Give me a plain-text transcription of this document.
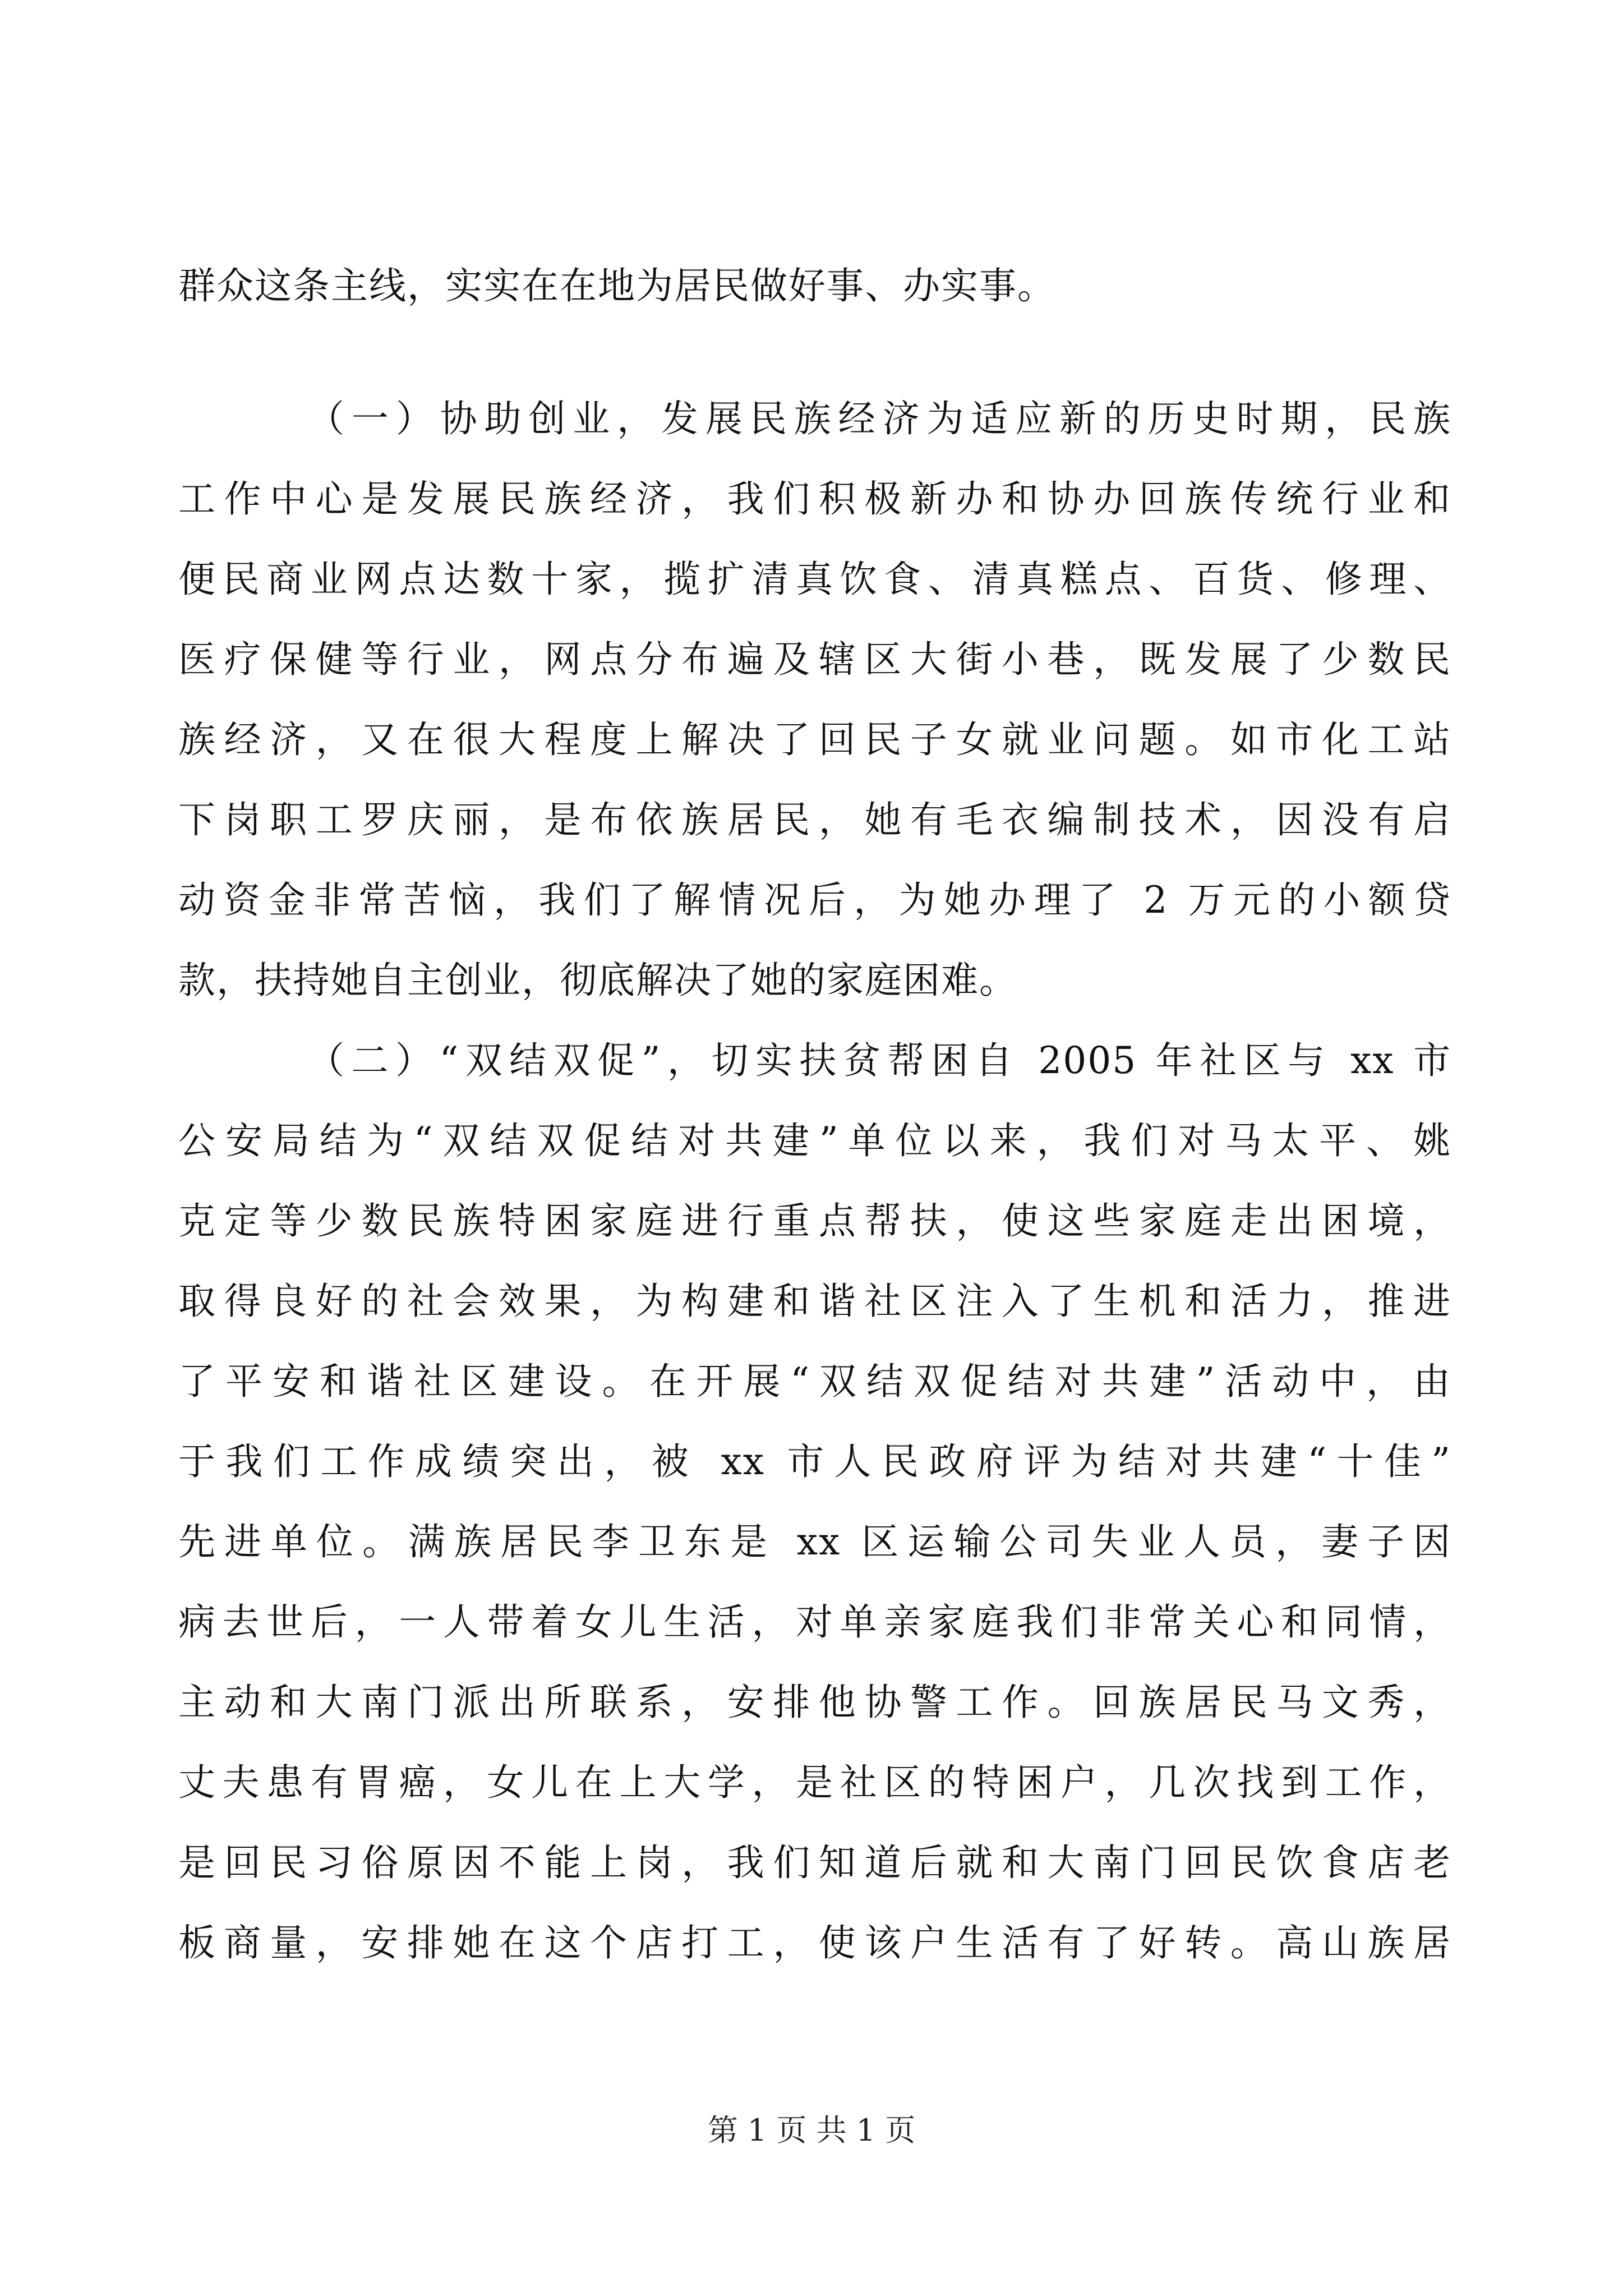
群众这条主线，实实在在地为居民做好事、办实事。
（一）协助创业，发展民族经济为适应新的历史时期，民族
工作中心是发展民族经济，我们积极新办和协办回族传统行业和
便民商业网点达数十家，揽扩清真饮食、清真糕点、百货、修理、
医疗保健等行业，网点分布遍及辖区大街小巷，既发展了少数民
族经济，又在很大程度上解决了回民子女就业问题。如市化工站
下岗职工罗庆丽，是布依族居民，她有毛衣编制技术，因没有启
动资金非常苦恼，我们了解情况后，为她办理了 2 万元的小额贷
款，扶持她自主创业，彻底解决了她的家庭困难。
（二）“双结双促”，切实扶贫帮困自 2005 年社区与 xx 市
公安局结为“双结双促结对共建”单位以来，我们对马太平、姚
克定等少数民族特困家庭进行重点帮扶，使这些家庭走出困境，
取得良好的社会效果，为构建和谐社区注入了生机和活力，推进
了平安和谐社区建设。在开展“双结双促结对共建”活动中，由
于我们工作成绩突出，被 xx 市人民政府评为结对共建“十佳”
先进单位。满族居民李卫东是 xx 区运输公司失业人员，妻子因
病去世后，一人带着女儿生活，对单亲家庭我们非常关心和同情，
主动和大南门派出所联系，安排他协警工作。回族居民马文秀，
丈夫患有胃癌，女儿在上大学，是社区的特困户，几次找到工作，
是回民习俗原因不能上岗，我们知道后就和大南门回民饮食店老
板商量，安排她在这个店打工，使该户生活有了好转。高山族居
第 1 页 共 1 页
